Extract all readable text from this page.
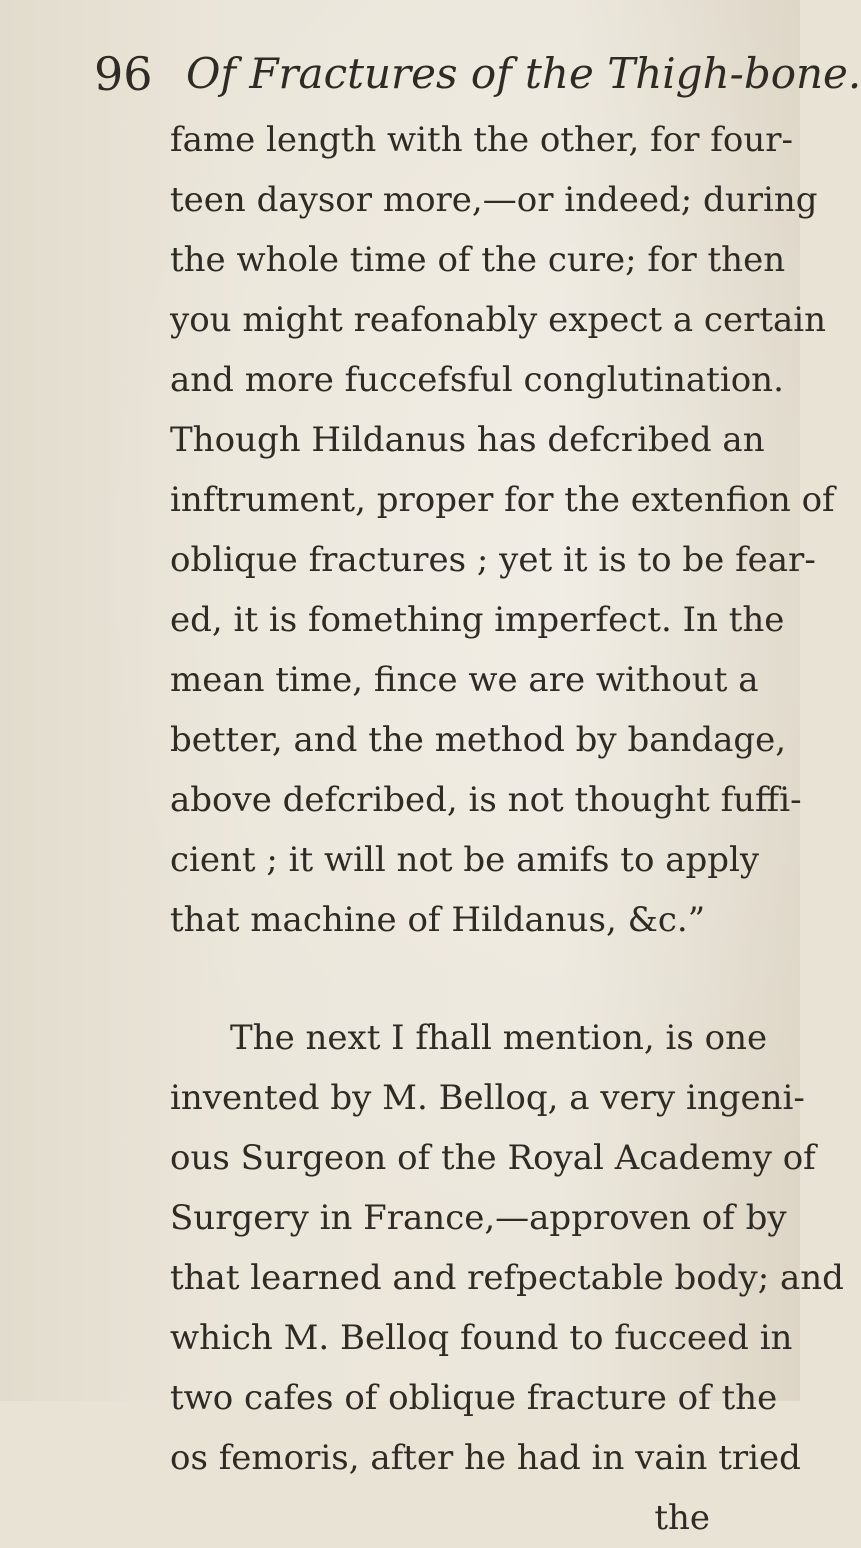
96 Of Fractures of the Thigh-bone.
fame length with the other, for four-
teen daysor more,—or indeed; during
the whole time of the cure; for then
you might reafonably expect a certain
and more fuccefsful conglutination.
Though Hildanus has defcribed an
inftrument, proper for the extenfion of
oblique fractures ; yet it is to be fear-
ed, it is fomething imperfect. In the
mean time, fince we are without a
better, and the method by bandage,
above defcribed, is not thought fuffi-
cient ; it will not be amifs to apply
that machine of Hildanus, &c.”
The next I fhall mention, is one
invented by M. Belloq, a very ingeni-
ous Surgeon of the Royal Academy of
Surgery in France,—approven of by
that learned and refpectable body; and
which M. Belloq found to fucceed in
two cafes of oblique fracture of the
os femoris, after he had in vain tried
the
